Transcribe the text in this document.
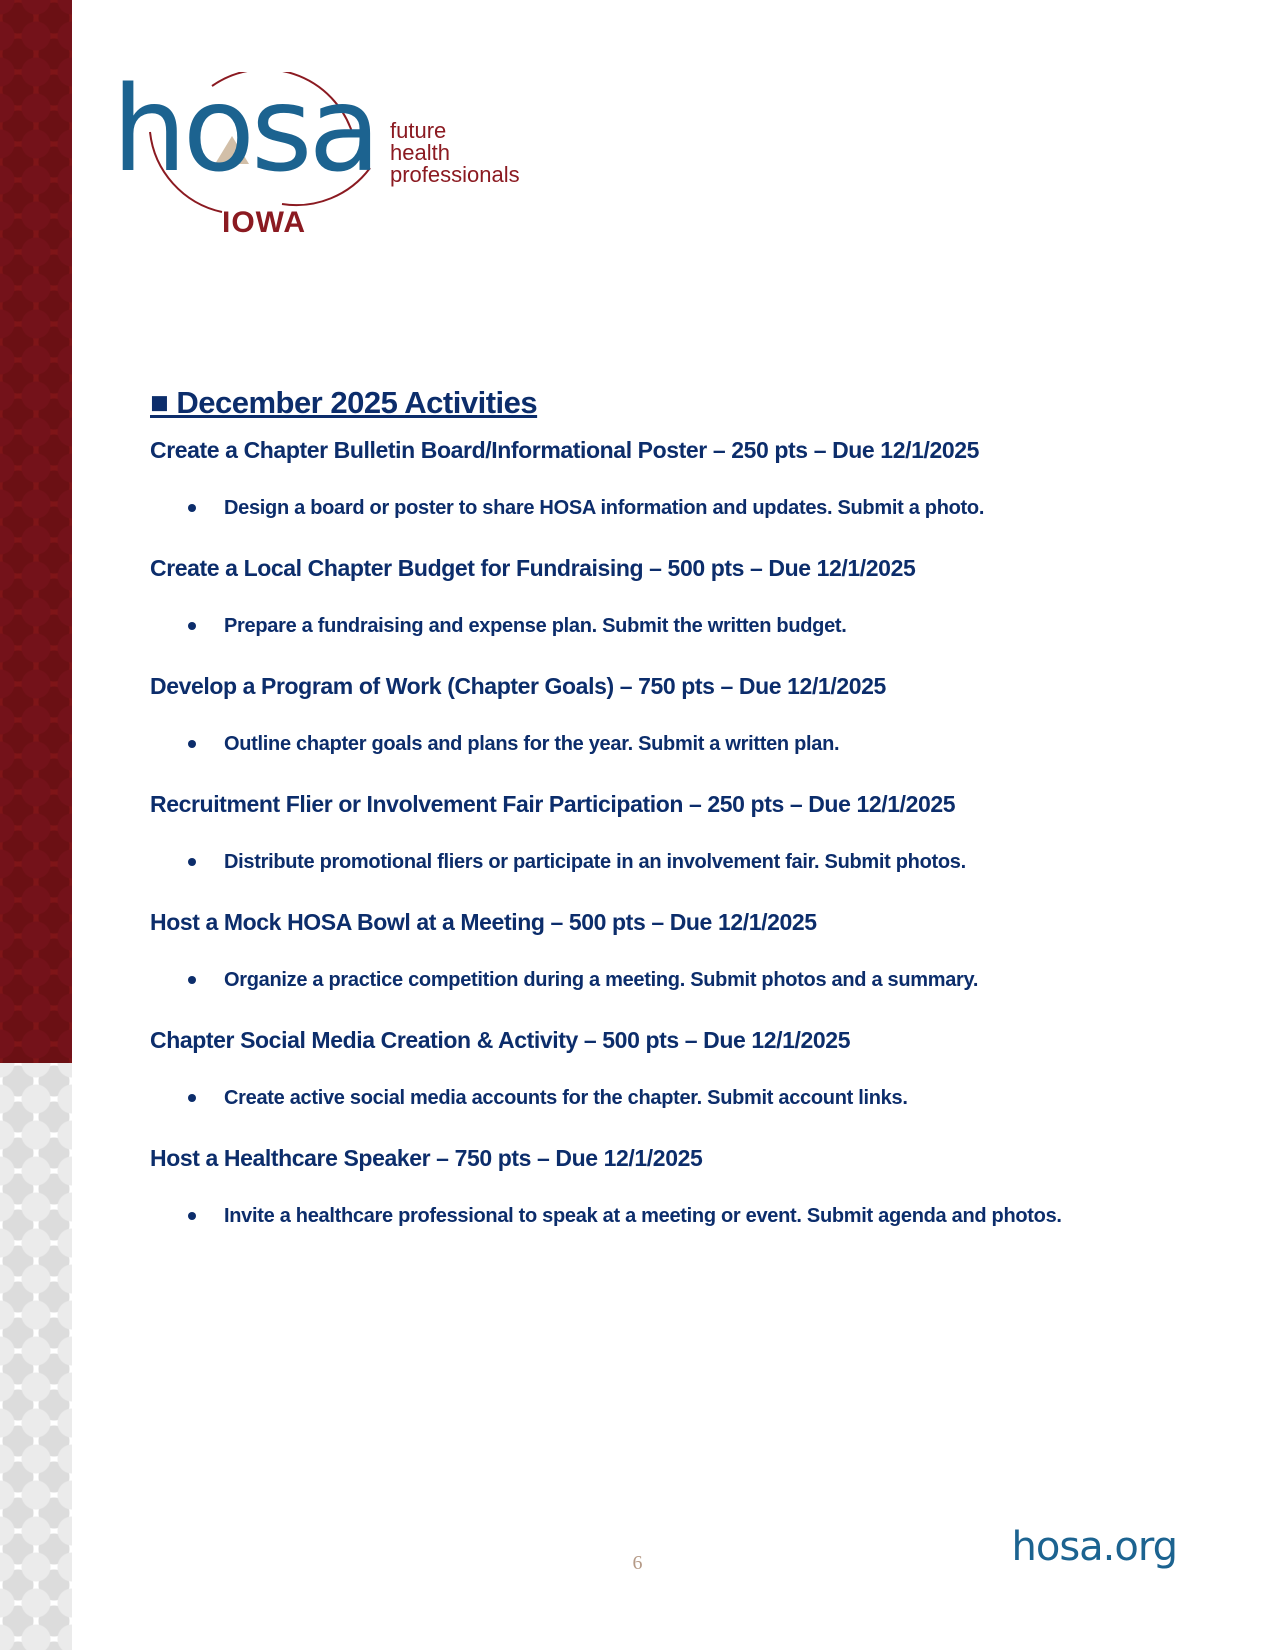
hosa future
health
professionals
IOWA
■ December 2025 Activities
Create a Chapter Bulletin Board/Informational Poster – 250 pts – Due 12/1/2025
Design a board or poster to share HOSA information and updates. Submit a photo.
Create a Local Chapter Budget for Fundraising – 500 pts – Due 12/1/2025
Prepare a fundraising and expense plan. Submit the written budget.
Develop a Program of Work (Chapter Goals) – 750 pts – Due 12/1/2025
Outline chapter goals and plans for the year. Submit a written plan.
Recruitment Flier or Involvement Fair Participation – 250 pts – Due 12/1/2025
Distribute promotional fliers or participate in an involvement fair. Submit photos.
Host a Mock HOSA Bowl at a Meeting – 500 pts – Due 12/1/2025
Organize a practice competition during a meeting. Submit photos and a summary.
Chapter Social Media Creation & Activity – 500 pts – Due 12/1/2025
Create active social media accounts for the chapter. Submit account links.
Host a Healthcare Speaker – 750 pts – Due 12/1/2025
Invite a healthcare professional to speak at a meeting or event. Submit agenda and photos.
6	hosa.org
